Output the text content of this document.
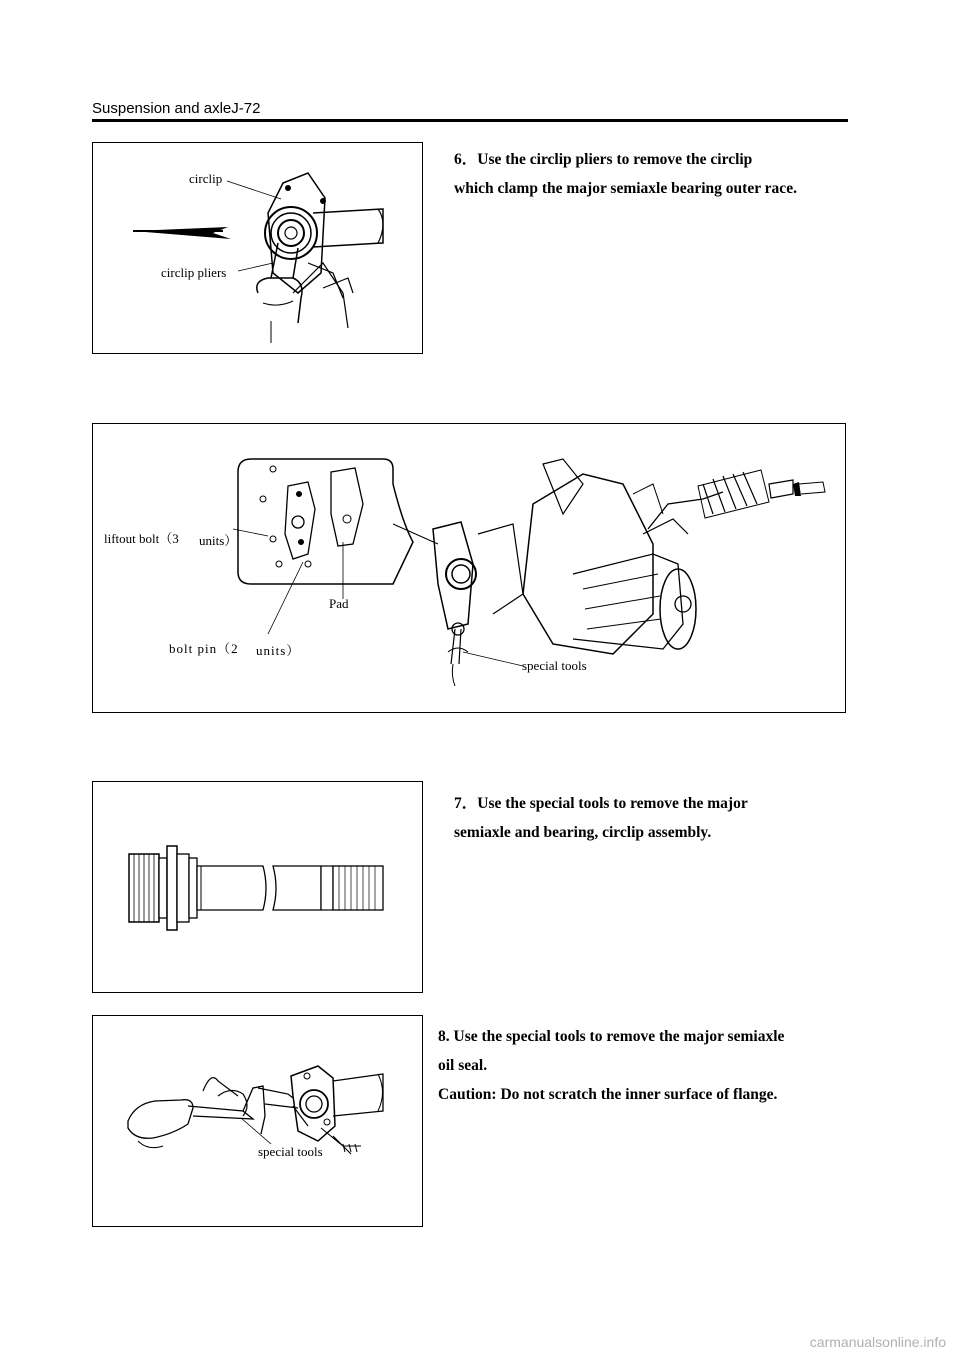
Suspension and axleJ-72
circlip
circlip pliers

6．Use the circlip pliers to remove the circlip

which clamp the major semiaxle bearing outer race.

liftout bolt（3 units）
Pad
bolt pin（2 units）
special tools

7．Use the special tools to remove the major

semiaxle and bearing, circlip assembly.

special tools

8. Use the special tools to remove the major semiaxle

oil seal.

Caution: Do not scratch the inner surface of flange.

carmanualsonline.info
